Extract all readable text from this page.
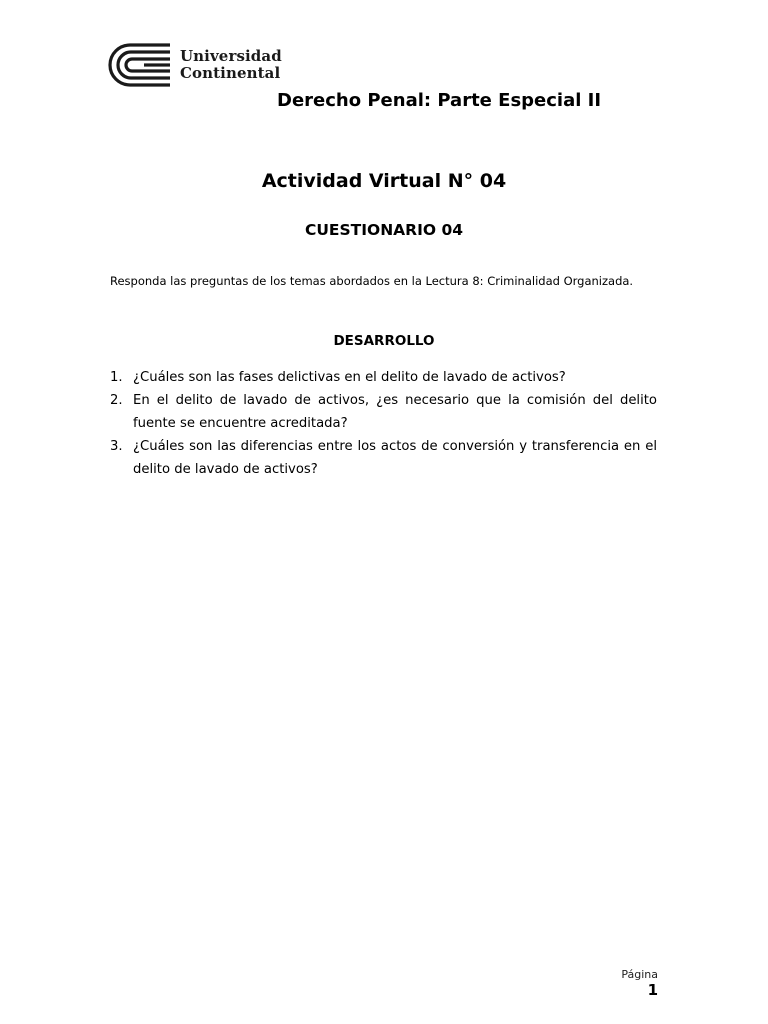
Universidad
Continental
Derecho Penal: Parte Especial II
Actividad Virtual N° 04
CUESTIONARIO 04
Responda las preguntas de los temas abordados en la Lectura 8: Criminalidad Organizada.
DESARROLLO
1. ¿Cuáles son las fases delictivas en el delito de lavado de activos?
2. En el delito de lavado de activos, ¿es necesario que la comisión del delito fuente se encuentre acreditada?
3. ¿Cuáles son las diferencias entre los actos de conversión y transferencia en el delito de lavado de activos?
Página
1
